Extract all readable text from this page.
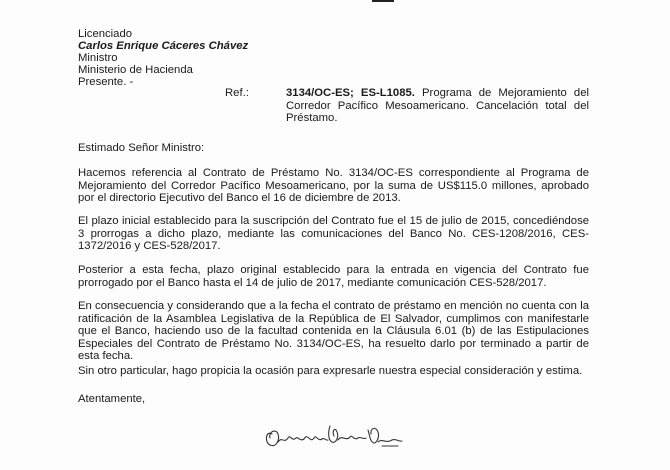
Licenciado
Carlos Enrique Cáceres Chávez
Ministro
Ministerio de Hacienda
Presente. -
Ref.:	3134/OC-ES; ES-L1085. Programa de Mejoramiento del Corredor Pacífico Mesoamericano. Cancelación total del Préstamo.
Estimado Señor Ministro:
Hacemos referencia al Contrato de Préstamo No. 3134/OC-ES correspondiente al Programa de Mejoramiento del Corredor Pacífico Mesoamericano, por la suma de US$115.0 millones, aprobado por el directorio Ejecutivo del Banco el 16 de diciembre de 2013.
El plazo inicial establecido para la suscripción del Contrato fue el 15 de julio de 2015, concediéndose 3 prorrogas a dicho plazo, mediante las comunicaciones del Banco No. CES-1208/2016, CES-1372/2016 y CES-528/2017.
Posterior a esta fecha, plazo original establecido para la entrada en vigencia del Contrato fue prorrogado por el Banco hasta el 14 de julio de 2017, mediante comunicación CES-528/2017.
En consecuencia y considerando que a la fecha el contrato de préstamo en mención no cuenta con la ratificación de la Asamblea Legislativa de la República de El Salvador, cumplimos con manifestarle que el Banco, haciendo uso de la facultad contenida en la Cláusula 6.01 (b) de las Estipulaciones Especiales del Contrato de Préstamo No. 3134/OC-ES, ha resuelto darlo por terminado a partir de esta fecha.
Sin otro particular, hago propicia la ocasión para expresarle nuestra especial consideración y estima.
Atentamente,
